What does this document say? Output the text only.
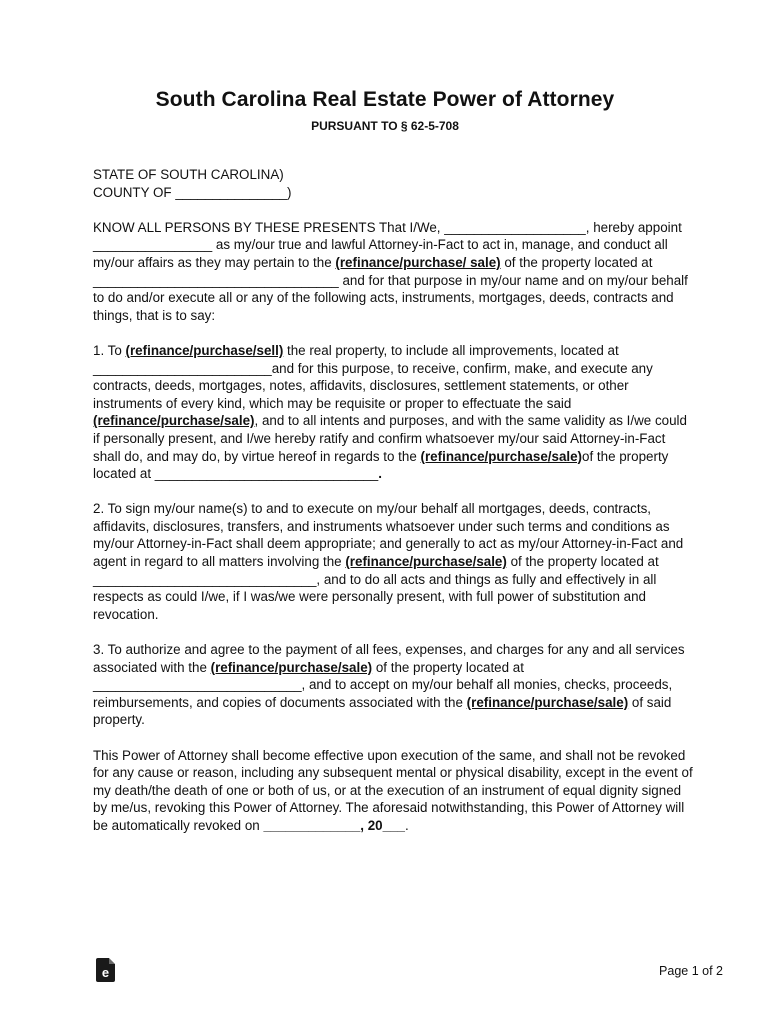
South Carolina Real Estate Power of Attorney
PURSUANT TO § 62-5-708

STATE OF SOUTH CAROLINA)
COUNTY OF _______________)

KNOW ALL PERSONS BY THESE PRESENTS That I/We, ___________________, hereby appoint ________________ as my/our true and lawful Attorney-in-Fact to act in, manage, and conduct all my/our affairs as they may pertain to the (refinance/purchase/ sale) of the property located at _________________________________ and for that purpose in my/our name and on my/our behalf to do and/or execute all or any of the following acts, instruments, mortgages, deeds, contracts and things, that is to say:

1. To (refinance/purchase/sell) the real property, to include all improvements, located at ________________________and for this purpose, to receive, confirm, make, and execute any contracts, deeds, mortgages, notes, affidavits, disclosures, settlement statements, or other instruments of every kind, which may be requisite or proper to effectuate the said (refinance/purchase/sale), and to all intents and purposes, and with the same validity as I/we could if personally present, and I/we hereby ratify and confirm whatsoever my/our said Attorney-in-Fact shall do, and may do, by virtue hereof in regards to the (refinance/purchase/sale)of the property located at ______________________________.

2. To sign my/our name(s) to and to execute on my/our behalf all mortgages, deeds, contracts, affidavits, disclosures, transfers, and instruments whatsoever under such terms and conditions as my/our Attorney-in-Fact shall deem appropriate; and generally to act as my/our Attorney-in-Fact and agent in regard to all matters involving the (refinance/purchase/sale) of the property located at ______________________________, and to do all acts and things as fully and effectively in all respects as could I/we, if I was/we were personally present, with full power of substitution and revocation.

3. To authorize and agree to the payment of all fees, expenses, and charges for any and all services associated with the (refinance/purchase/sale) of the property located at ____________________________, and to accept on my/our behalf all monies, checks, proceeds, reimbursements, and copies of documents associated with the (refinance/purchase/sale) of said property.

This Power of Attorney shall become effective upon execution of the same, and shall not be revoked for any cause or reason, including any subsequent mental or physical disability, except in the event of my death/the death of one or both of us, or at the execution of an instrument of equal dignity signed by me/us, revoking this Power of Attorney. The aforesaid notwithstanding, this Power of Attorney will be automatically revoked on _____________, 20___.

e	Page 1 of 2
